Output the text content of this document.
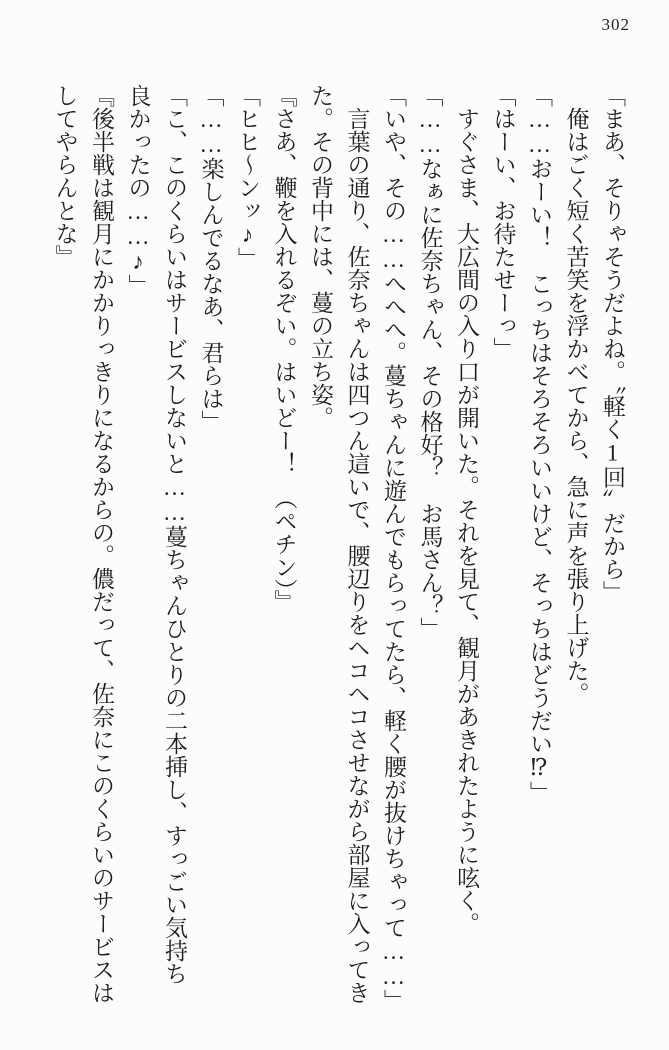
302

「まあ、そりゃそうだよね。〝軽く1回〟だから」

俺はごく短く苦笑を浮かべてから、急に声を張り上げた。

「……おーい！　こっちはそろそろいいけど、そっちはどうだい⁉」

「はーい、お待たせーっ」

すぐさま、大広間の入り口が開いた。それを見て、観月があきれたように呟く。

「……なぁに佐奈ちゃん、その格好？　お馬さん？」

「いや、その……へへへ。蔓ちゃんに遊んでもらってたら、軽く腰が抜けちゃって……」

言葉の通り、佐奈ちゃんは四つん這いで、腰辺りをヘコヘコさせながら部屋に入ってきた。その背中には、蔓の立ち姿。

『さあ、鞭を入れるぞい。はいどー！　（ペチン）』

「ヒヒ〜ンッ♪」

「……楽しんでるなあ、君らは」

「こ、このくらいはサービスしないと……蔓ちゃんひとりの二本挿し、すっごい気持ち良かったの……♪」

『後半戦は観月にかかりっきりになるからの。儂だって、佐奈にこのくらいのサービスはしてやらんとな』
